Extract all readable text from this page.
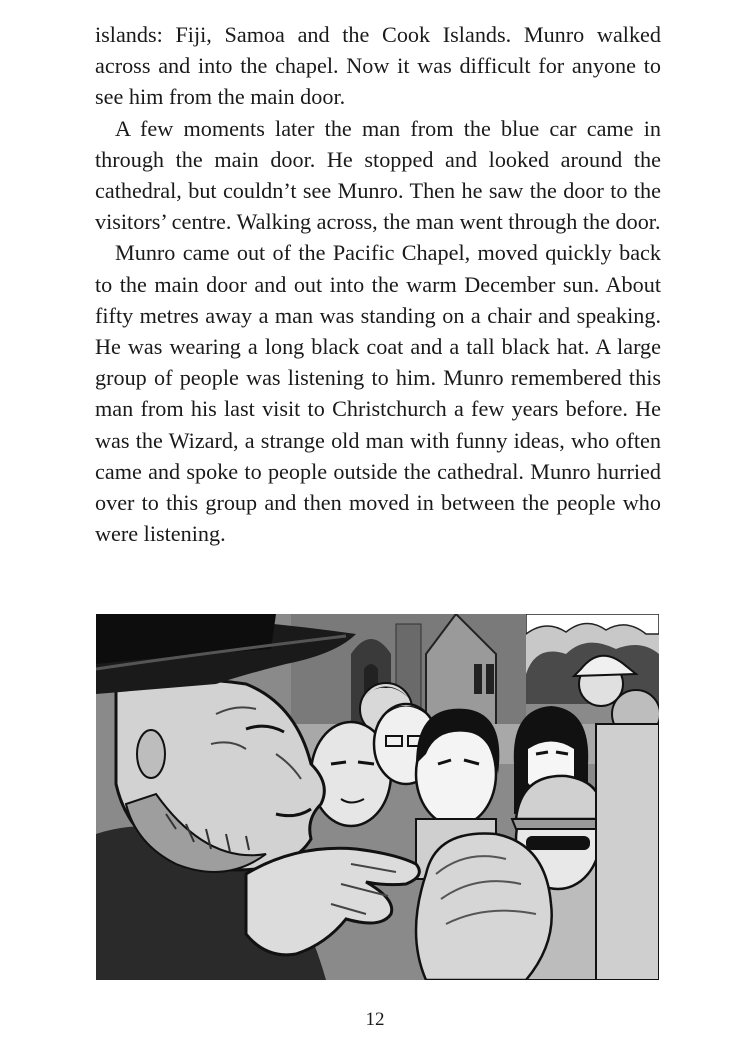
islands: Fiji, Samoa and the Cook Islands. Munro walked across and into the chapel. Now it was difficult for anyone to see him from the main door.

A few moments later the man from the blue car came in through the main door. He stopped and looked around the cathedral, but couldn’t see Munro. Then he saw the door to the visitors’ centre. Walking across, the man went through the door.

Munro came out of the Pacific Chapel, moved quickly back to the main door and out into the warm December sun. About fifty metres away a man was standing on a chair and speaking. He was wearing a long black coat and a tall black hat. A large group of people was listening to him. Munro remembered this man from his last visit to Christchurch a few years before. He was the Wizard, a strange old man with funny ideas, who often came and spoke to people outside the cathedral. Munro hurried over to this group and then moved in between the people who were listening.

12
